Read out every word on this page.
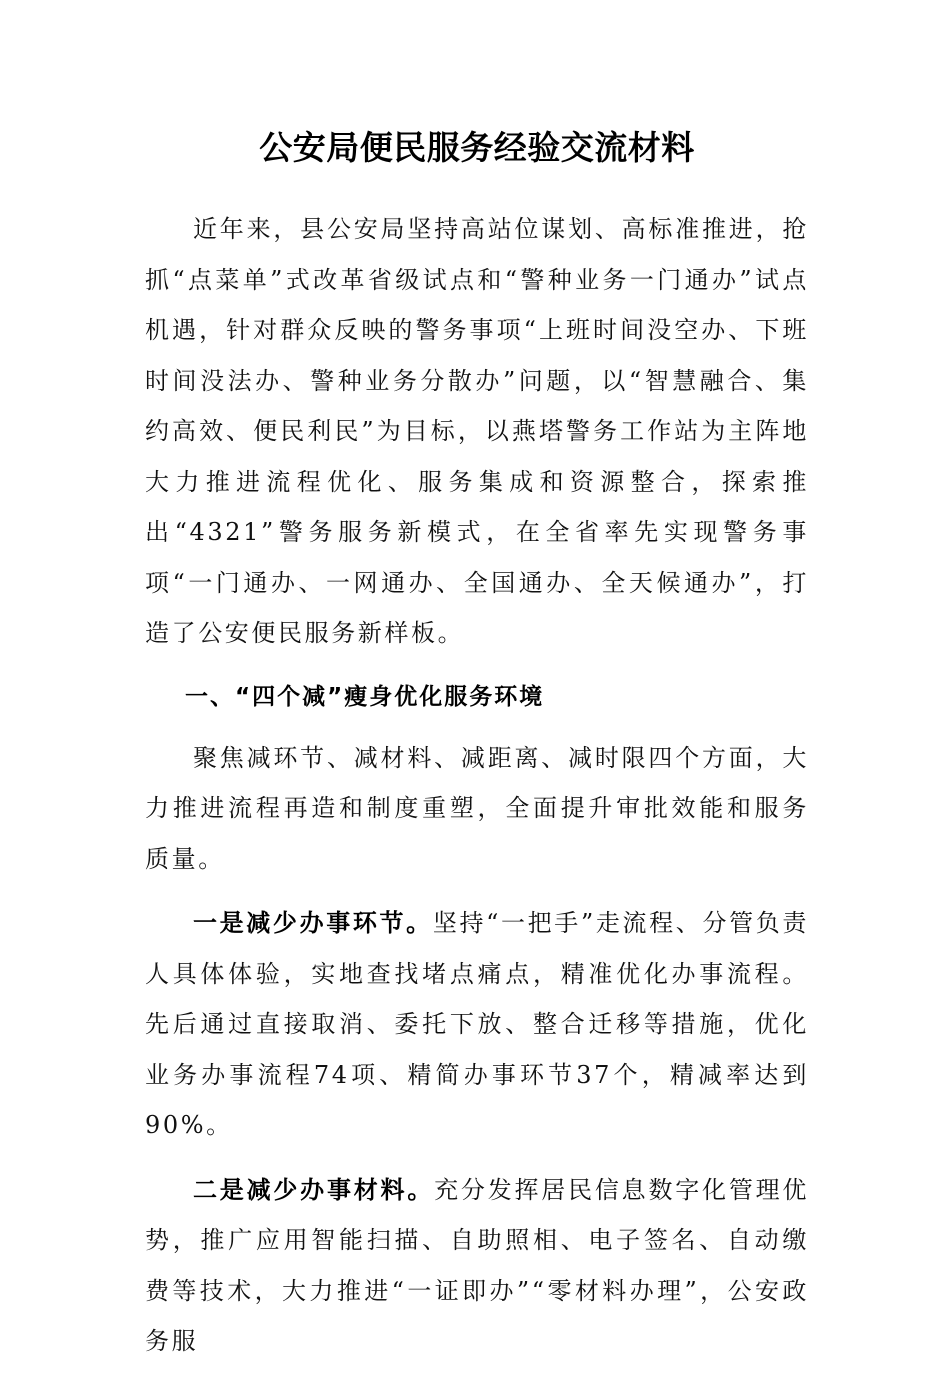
公安局便民服务经验交流材料

近年来，县公安局坚持高站位谋划、高标准推进，抢抓“点菜单”式改革省级试点和“警种业务一门通办”试点机遇，针对群众反映的警务事项“上班时间没空办、下班时间没法办、警种业务分散办”问题，以“智慧融合、集约高效、便民利民”为目标，以燕塔警务工作站为主阵地大力推进流程优化、服务集成和资源整合，探索推出“4321”警务服务新模式，在全省率先实现警务事项“一门通办、一网通办、全国通办、全天候通办”，打造了公安便民服务新样板。

一、“四个减”瘦身优化服务环境

聚焦减环节、减材料、减距离、减时限四个方面，大力推进流程再造和制度重塑，全面提升审批效能和服务质量。

一是减少办事环节。坚持“一把手”走流程、分管负责人具体体验，实地查找堵点痛点，精准优化办事流程。先后通过直接取消、委托下放、整合迁移等措施，优化业务办事流程74项、精简办事环节37个，精减率达到90%。

二是减少办事材料。充分发挥居民信息数字化管理优势，推广应用智能扫描、自助照相、电子签名、自动缴费等技术，大力推进“一证即办”“零材料办理”，公安政务服
